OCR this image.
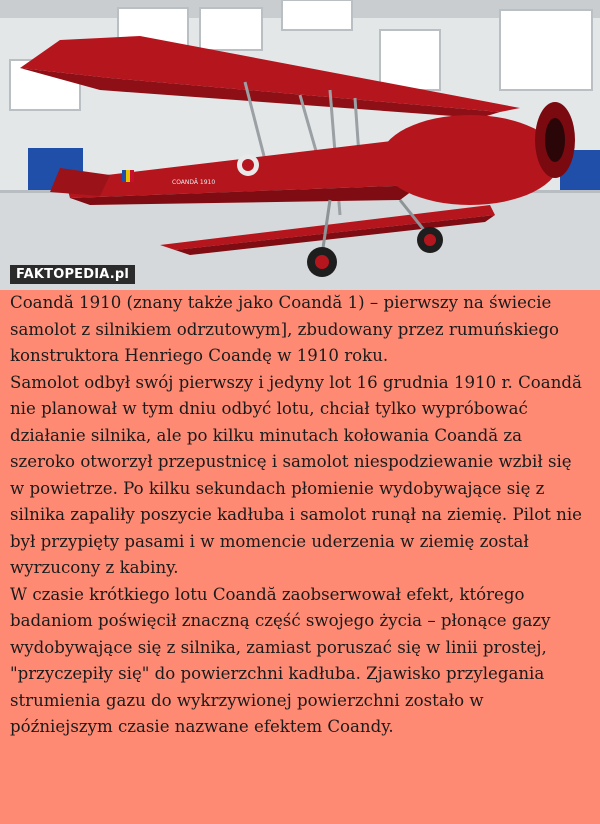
COANDĂ 1910
FAKTOPEDIA.pl

Coandă 1910 (znany także jako Coandă 1) – pierwszy na świecie samolot z silnikiem odrzutowym], zbudowany przez rumuńskiego konstruktora Henriego Coandę w 1910 roku.

Samolot odbył swój pierwszy i jedyny lot 16 grudnia 1910 r. Coandă nie planował w tym dniu odbyć lotu, chciał tylko wypróbować działanie silnika, ale po kilku minutach kołowania Coandă za szeroko otworzył przepustnicę i samolot niespodziewanie wzbił się w powietrze. Po kilku sekundach płomienie wydobywające się z silnika zapaliły poszycie kadłuba i samolot runął na ziemię. Pilot nie był przypięty pasami i w momencie uderzenia w ziemię został wyrzucony z kabiny.

W czasie krótkiego lotu Coandă zaobserwował efekt, którego badaniom poświęcił znaczną część swojego życia – płonące gazy wydobywające się z silnika, zamiast poruszać się w linii prostej, "przyczepiły się" do powierzchni kadłuba. Zjawisko przylegania strumienia gazu do wykrzywionej powierzchni zostało w późniejszym czasie nazwane efektem Coandy.
